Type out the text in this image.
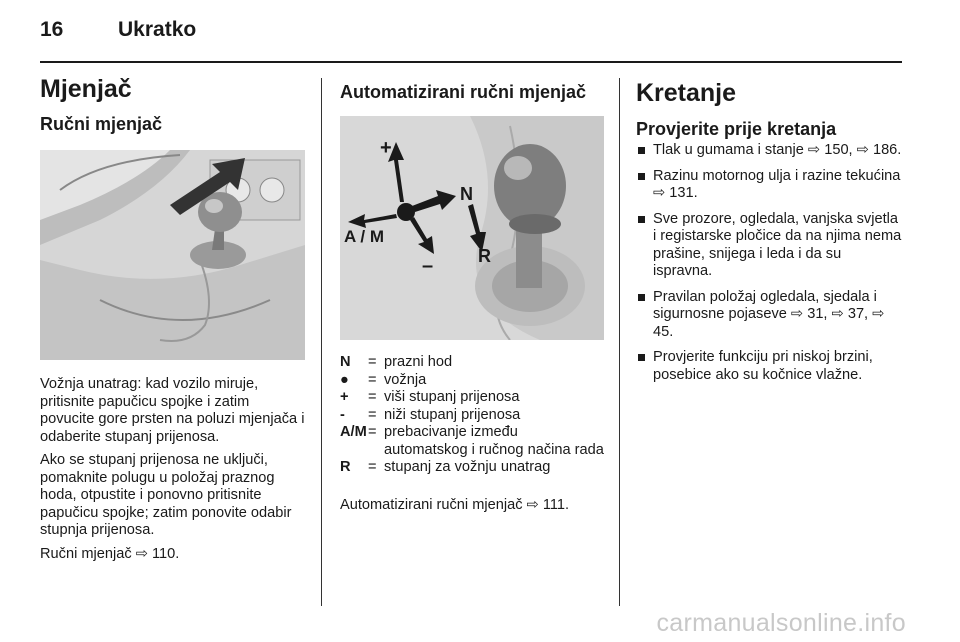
16	Ukratko
Mjenjač
Ručni mjenjač

Vožnja unatrag: kad vozilo miruje, pritisnite papučicu spojke i zatim povucite gore prsten na poluzi mjenjača i odaberite stupanj prijenosa.

Ako se stupanj prijenosa ne uključi, pomaknite polugu u položaj praznog hoda, otpustite i ponovno pritisnite papučicu spojke; zatim ponovite odabir stupnja prijenosa.

Ručni mjenjač ⇨ 110.

Automatizirani ručni mjenjač
+
N
A / M
– R
N	= prazni hod
●	= vožnja
+	= viši stupanj prijenosa
-	= niži stupanj prijenosa
A/M = prebacivanje između automatskog i ručnog načina rada
R	= stupanj za vožnju unatrag

Automatizirani ručni mjenjač ⇨ 111.

Kretanje
Provjerite prije kretanja
Tlak u gumama i stanje ⇨ 150, ⇨ 186.
Razinu motornog ulja i razine tekućina ⇨ 131.
Sve prozore, ogledala, vanjska svjetla i registarske pločice da na njima nema prašine, snijega i leda i da su ispravna.
Pravilan položaj ogledala, sjedala i sigurnosne pojaseve ⇨ 31, ⇨ 37, ⇨ 45.
Provjerite funkciju pri niskoj brzini, posebice ako su kočnice vlažne.
carmanualsonline.info
